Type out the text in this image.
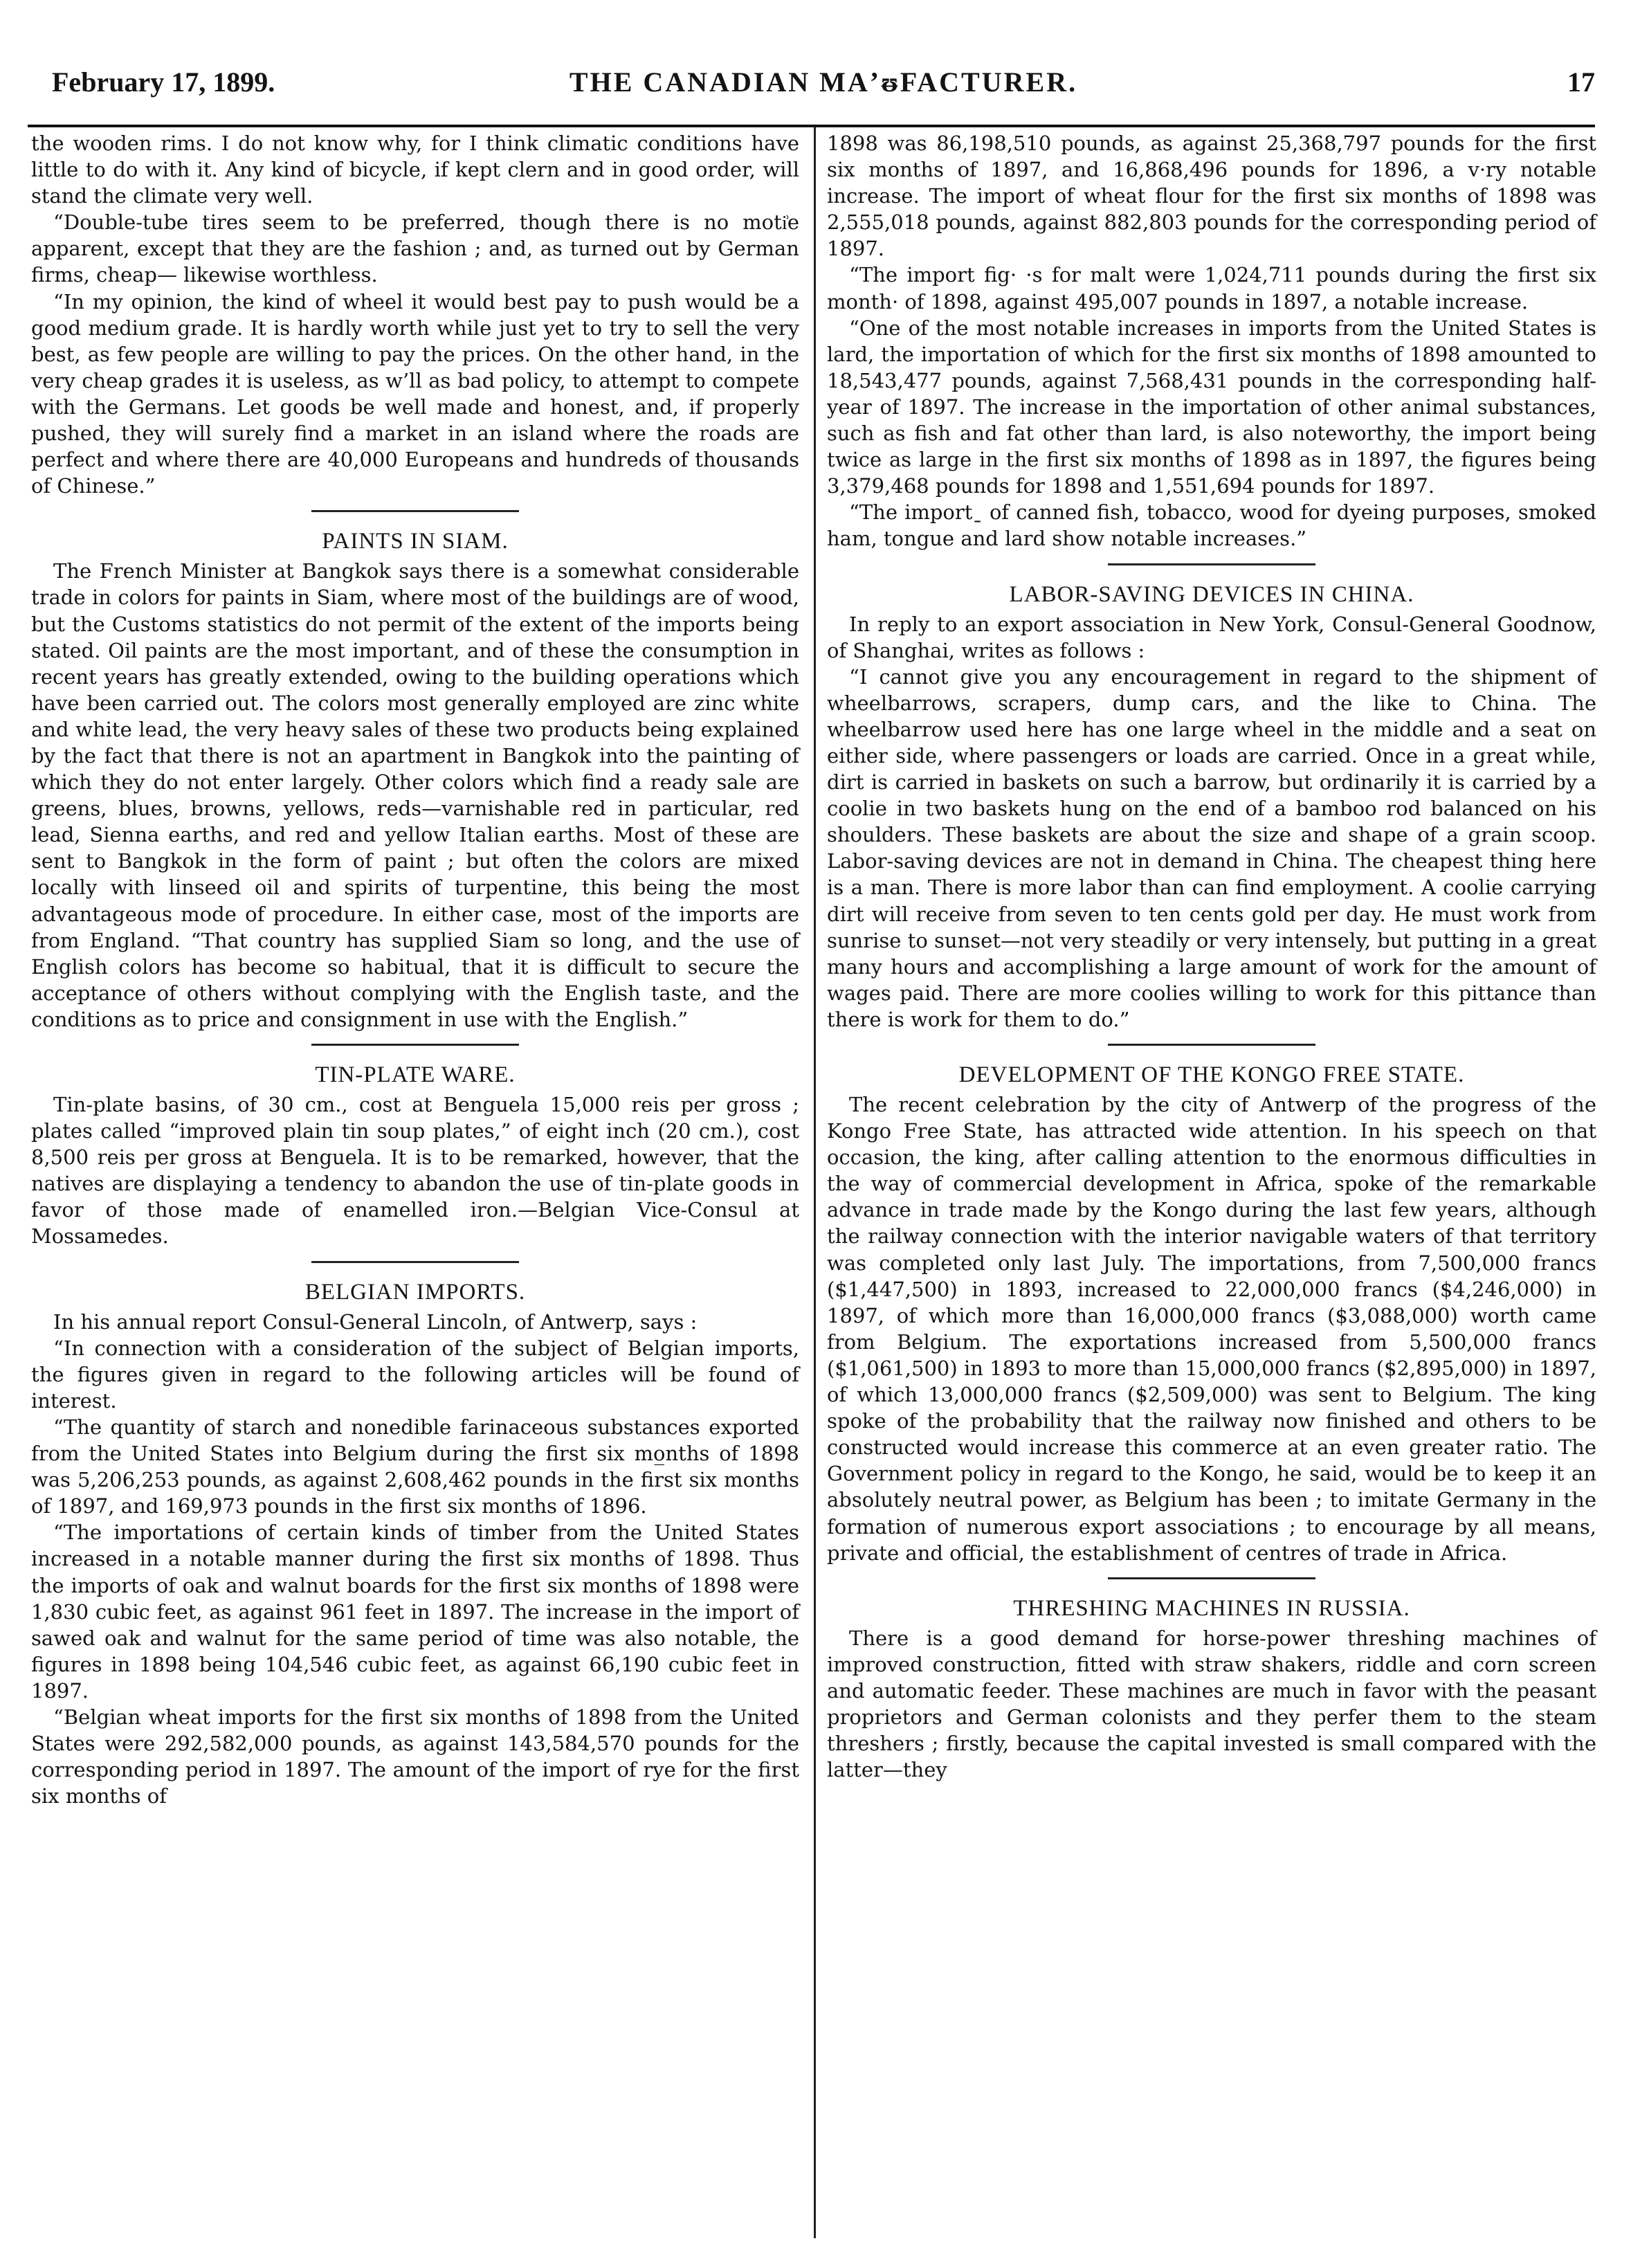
February 17, 1899.	THE CANADIAN MAʼᵿFACTURER.	17

the wooden rims. I do not know why, for I think climatic conditions have little to do with it. Any kind of bicycle, if kept clern and in good order, will stand the climate very well.

“Double-tube tires seem to be preferred, though there is no moti͗e apparent, except that they are the fashion ; and, as turned out by German firms, cheap— likewise worthless.

“In my opinion, the kind of wheel it would best pay to push would be a good medium grade. It is hardly worth while just yet to try to sell the very best, as few people are willing to pay the prices. On the other hand, in the very cheap grades it is useless, as w’ll as bad policy, to attempt to compete with the Germans. Let goods be well made and honest, and, if properly pushed, they will surely find a market in an island where the roads are perfect and where there are 40,000 Europeans and hundreds of thousands of Chinese.”

PAINTS IN SIAM.

The French Minister at Bangkok says there is a somewhat considerable trade in colors for paints in Siam, where most of the buildings are of wood, but the Customs statistics do not permit of the extent of the imports being stated. Oil paints are the most important, and of these the consumption in recent years has greatly extended, owing to the building operations which have been carried out. The colors most generally employed are zinc white and white lead, the very heavy sales of these two products being explained by the fact that there is not an apartment in Bangkok into the painting of which they do not enter largely. Other colors which find a ready sale are greens, blues, browns, yellows, reds—varnishable red in particular, red lead, Sienna earths, and red and yellow Italian earths. Most of these are sent to Bangkok in the form of paint ; but often the colors are mixed locally with linseed oil and spirits of turpentine, this being the most advantageous mode of procedure. In either case, most of the imports are from England. “That country has supplied Siam so long, and the use of English colors has become so habitual, that it is difficult to secure the acceptance of others without complying with the English taste, and the conditions as to price and consignment in use with the English.”

TIN-PLATE WARE.

Tin-plate basins, of 30 cm., cost at Benguela 15,000 reis per gross ; plates called “improved plain tin soup plates,” of eight inch (20 cm.), cost 8,500 reis per gross at Benguela. It is to be remarked, however, that the natives are displaying a tendency to abandon the use of tin-plate goods in favor of those made of enamelled iron.—Belgian Vice-Consul at Mossamedes.

BELGIAN IMPORTS.

In his annual report Consul-General Lincoln, of Antwerp, says :

“In connection with a consideration of the subject of Belgian imports, the figures given in regard to the following articles will be found of interest.

“The quantity of starch and nonedible farinaceous substances exported from the United States into Belgium during the first six mo̲nths of 1898 was 5,206,253 pounds, as against 2,608,462 pounds in the first six months of 1897, and 169,973 pounds in the first six months of 1896.

“The importations of certain kinds of timber from the United States increased in a notable manner during the first six months of 1898. Thus the imports of oak and walnut boards for the first six months of 1898 were 1,830 cubic feet, as against 961 feet in 1897. The increase in the import of sawed oak and walnut for the same period of time was also notable, the figures in 1898 being 104,546 cubic feet, as against 66,190 cubic feet in 1897.

“Belgian wheat imports for the first six months of 1898 from the United States were 292,582,000 pounds, as against 143,584,570 pounds for the corresponding period in 1897. The amount of the import of rye for the first six months of

1898 was 86,198,510 pounds, as against 25,368,797 pounds for the first six months of 1897, and 16,868,496 pounds for 1896, a v·ry notable increase. The import of wheat flour for the first six months of 1898 was 2,555,018 pounds, against 882,803 pounds for the corresponding period of 1897.

“The import fig· ·s for malt were 1,024,711 pounds during the first six month· of 1898, against 495,007 pounds in 1897, a notable increase.

“One of the most notable increases in imports from the United States is lard, the importation of which for the first six months of 1898 amounted to 18,543,477 pounds, against 7,568,431 pounds in the corresponding half-year of 1897. The increase in the importation of other animal substances, such as fish and fat other than lard, is also noteworthy, the import being twice as large in the first six months of 1898 as in 1897, the figures being 3,379,468 pounds for 1898 and 1,551,694 pounds for 1897.

“The importˍ of canned fish, tobacco, wood for dyeing purposes, smoked ham, tongue and lard show notable increases.”

LABOR-SAVING DEVICES IN CHINA.

In reply to an export association in New York, Consul-General Goodnow, of Shanghai, writes as follows :

“I cannot give you any encouragement in regard to the shipment of wheelbarrows, scrapers, dump cars, and the like to China. The wheelbarrow used here has one large wheel in the middle and a seat on either side, where passengers or loads are carried. Once in a great while, dirt is carried in baskets on such a barrow, but ordinarily it is carried by a coolie in two baskets hung on the end of a bamboo rod balanced on his shoulders. These baskets are about the size and shape of a grain scoop. Labor-saving devices are not in demand in China. The cheapest thing here is a man. There is more labor than can find employment. A coolie carrying dirt will receive from seven to ten cents gold per day. He must work from sunrise to sunset—not very steadily or very intensely, but putting in a great many hours and accomplishing a large amount of work for the amount of wages paid. There are more coolies willing to work for this pittance than there is work for them to do.”

DEVELOPMENT OF THE KONGO FREE STATE.

The recent celebration by the city of Antwerp of the progress of the Kongo Free State, has attracted wide attention. In his speech on that occasion, the king, after calling attention to the enormous difficulties in the way of commercial development in Africa, spoke of the remarkable advance in trade made by the Kongo during the last few years, although the railway connection with the interior navigable waters of that territory was completed only last July. The importations, from 7,500,000 francs ($1,447,500) in 1893, increased to 22,000,000 francs ($4,246,000) in 1897, of which more than 16,000,000 francs ($3,088,000) worth came from Belgium. The exportations increased from 5,500,000 francs ($1,061,500) in 1893 to more than 15,000,000 francs ($2,895,000) in 1897, of which 13,000,000 francs ($2,509,000) was sent to Belgium. The king spoke of the probability that the railway now finished and others to be constructed would increase this commerce at an even greater ratio. The Government policy in regard to the Kongo, he said, would be to keep it an absolutely neutral power, as Belgium has been ; to imitate Germany in the formation of numerous export associations ; to encourage by all means, private and official, the establishment of centres of trade in Africa.

THRESHING MACHINES IN RUSSIA.

There is a good demand for horse-power threshing machines of improved construction, fitted with straw shakers, riddle and corn screen and automatic feeder. These machines are much in favor with the peasant proprietors and German colonists and they perfer them to the steam threshers ; firstly, because the capital invested is small compared with the latter—they
